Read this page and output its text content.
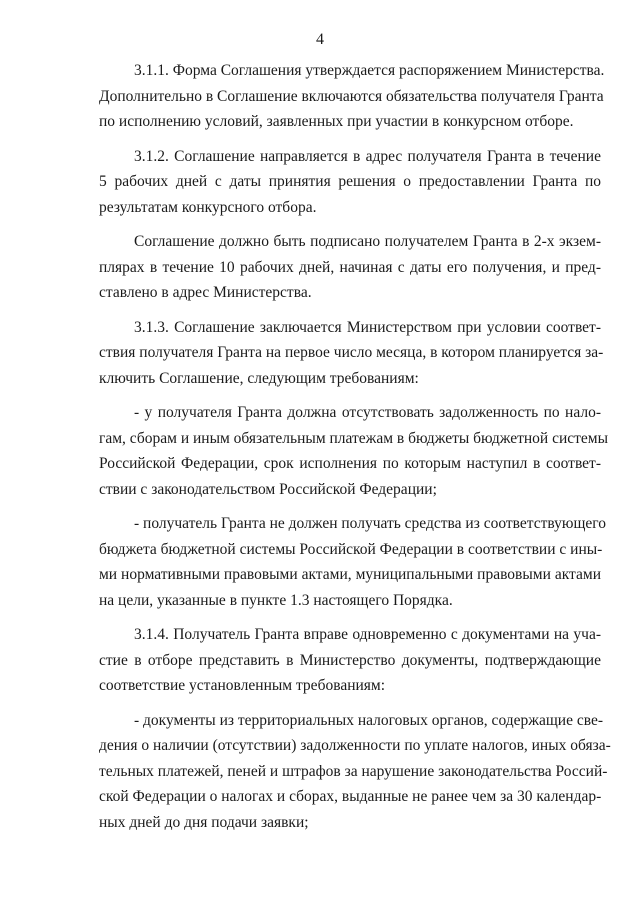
4
3.1.1. Форма Соглашения утверждается распоряжением Министерства.
Дополнительно в Соглашение включаются обязательства получателя Гранта
по исполнению условий, заявленных при участии в конкурсном отборе.
3.1.2. Соглашение направляется в адрес получателя Гранта в течение
5 рабочих дней с даты принятия решения о предоставлении Гранта по
результатам конкурсного отбора.
Соглашение должно быть подписано получателем Гранта в 2-х экзем-
плярах в течение 10 рабочих дней, начиная с даты его получения, и пред-
ставлено в адрес Министерства.
3.1.3. Соглашение заключается Министерством при условии соответ-
ствия получателя Гранта на первое число месяца, в котором планируется за-
ключить Соглашение, следующим требованиям:
- у получателя Гранта должна отсутствовать задолженность по нало-
гам, сборам и иным обязательным платежам в бюджеты бюджетной системы
Российской Федерации, срок исполнения по которым наступил в соответ-
ствии с законодательством Российской Федерации;
- получатель Гранта не должен получать средства из соответствующего
бюджета бюджетной системы Российской Федерации в соответствии с ины-
ми нормативными правовыми актами, муниципальными правовыми актами
на цели, указанные в пункте 1.3 настоящего Порядка.
3.1.4. Получатель Гранта вправе одновременно с документами на уча-
стие в отборе представить в Министерство документы, подтверждающие
соответствие установленным требованиям:
- документы из территориальных налоговых органов, содержащие све-
дения о наличии (отсутствии) задолженности по уплате налогов, иных обяза-
тельных платежей, пеней и штрафов за нарушение законодательства Россий-
ской Федерации о налогах и сборах, выданные не ранее чем за 30 календар-
ных дней до дня подачи заявки;
